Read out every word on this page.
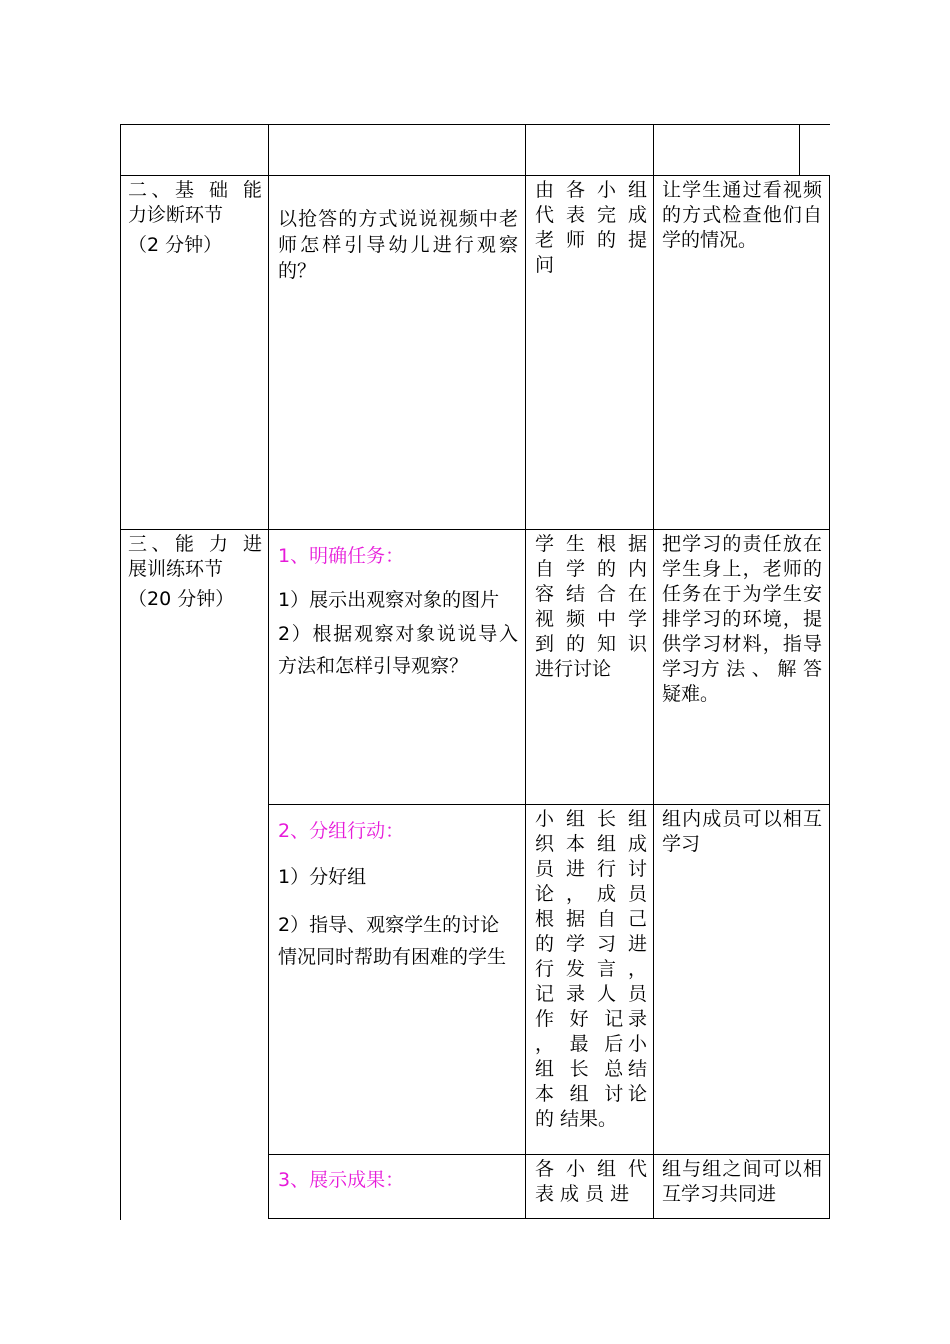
二、基 础 能

力诊断环节

（2 分钟）

以抢答的方式说说视频中老师怎样引导幼儿进行观察的？

由 各 小 组代 表 完 成老 师 的 提问

让学生通过看视频的方式检查他们自学的情况。

三、能 力 进

展训练环节

（20 分钟）

1、明确任务：

1）展示出观察对象的图片

2）根据观察对象说说导入方法和怎样引导观察？

学 生 根 据自 学 的 内容 结 合 在视 频 中 学到 的 知 识进行讨论

把学习的责任放在学生身上，老师的任务在于为学生安排学习的环境，提供学习材料，指导学习方 法 、 解 答 疑难。

2、分组行动：

1）分好组

2）指导、观察学生的讨论情况同时帮助有困难的学生

小 组 长 组织 本 组 成员 进 行 讨论 ， 成 员根 据 自 己的 学 习 进行 发 言 ，记 录 人 员作 好 记录 ， 最 后小 组 长 总结 本 组 讨论 的 结果。

组内成员可以相互学习

3、展示成果：	各 小 组 代表 成 员 进

组与组之间可以相互学习共同进
